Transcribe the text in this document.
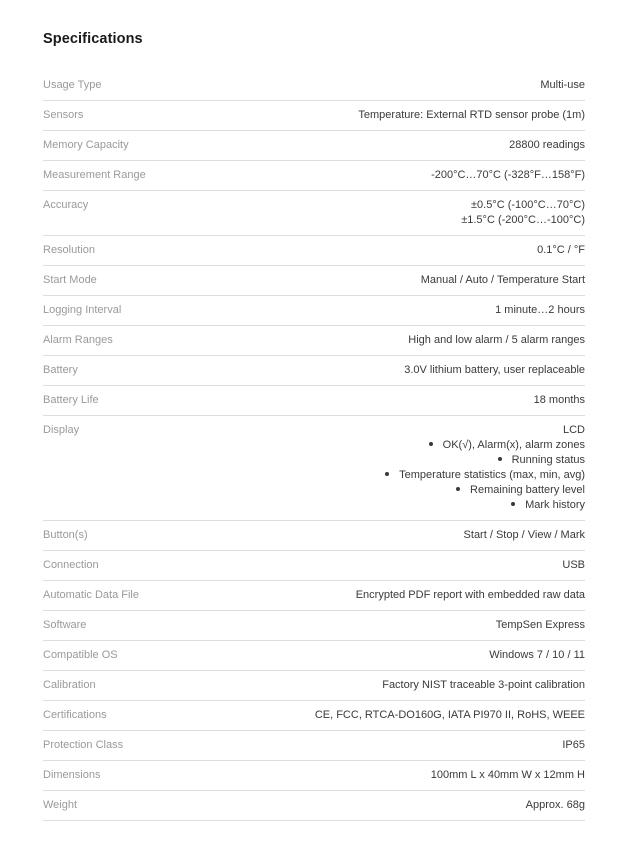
Specifications
Usage Type	Multi-use
Sensors	Temperature: External RTD sensor probe (1m)
Memory Capacity	28800 readings
Measurement Range	-200°C…70°C (-328°F…158°F)
Accuracy	±0.5°C (-100°C…70°C)
±1.5°C (-200°C…-100°C)
Resolution	0.1°C / °F
Start Mode	Manual / Auto / Temperature Start
Logging Interval	1 minute…2 hours
Alarm Ranges	High and low alarm / 5 alarm ranges
Battery	3.0V lithium battery, user replaceable
Battery Life	18 months
Display	LCD
OK(√), Alarm(x), alarm zones
Running status
Temperature statistics (max, min, avg)
Remaining battery level
Mark history
Button(s)	Start / Stop / View / Mark
Connection	USB
Automatic Data File	Encrypted PDF report with embedded raw data
Software	TempSen Express
Compatible OS	Windows 7 / 10 / 11
Calibration	Factory NIST traceable 3-point calibration
Certifications	CE, FCC, RTCA-DO160G, IATA PI970 II, RoHS, WEEE
Protection Class	IP65
Dimensions	100mm L x 40mm W x 12mm H
Weight	Approx. 68g
